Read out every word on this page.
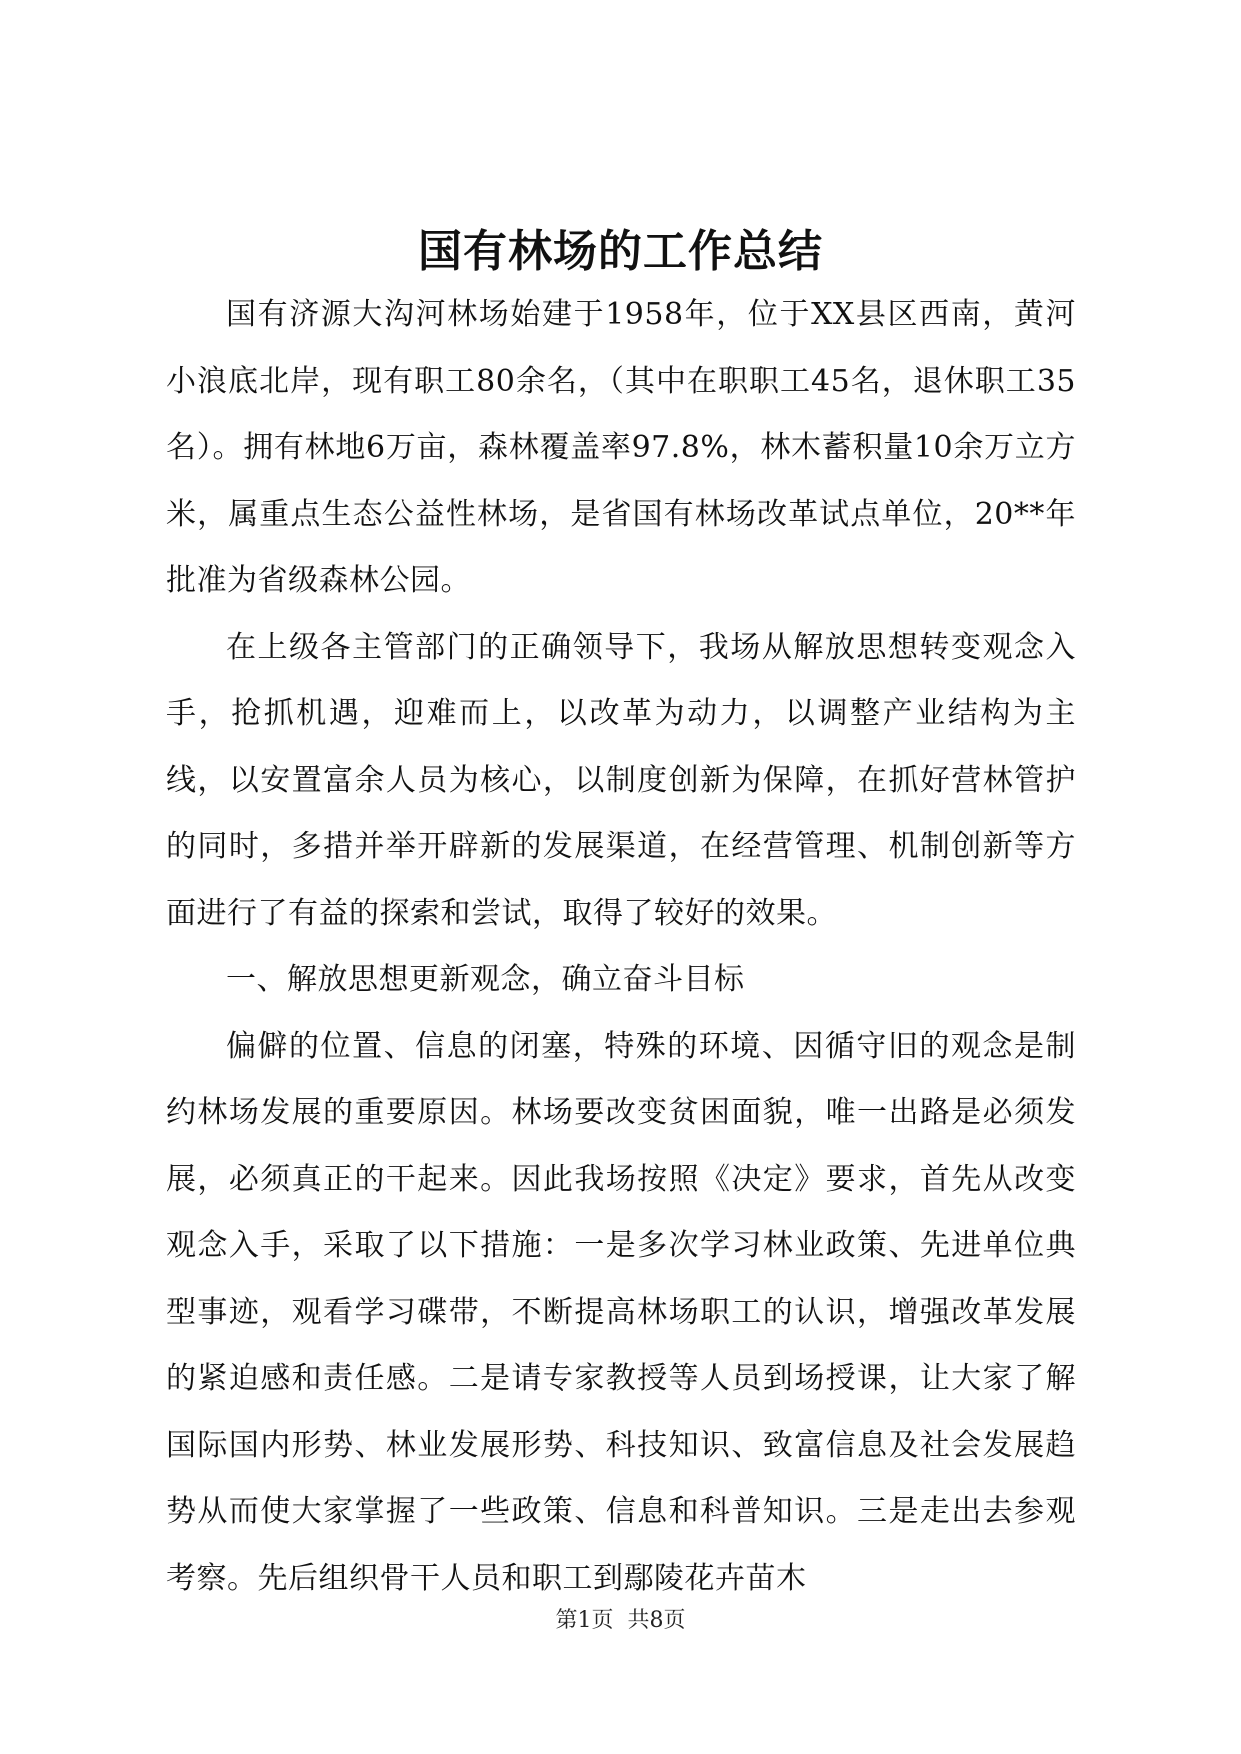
国有林场的工作总结

国有济源大沟河林场始建于1958年，位于XX县区西南，黄河小浪底北岸，现有职工80余名，（其中在职职工45名，退休职工35名）。拥有林地6万亩，森林覆盖率97.8%，林木蓄积量10余万立方米，属重点生态公益性林场，是省国有林场改革试点单位，20**年批准为省级森林公园。

在上级各主管部门的正确领导下，我场从解放思想转变观念入手，抢抓机遇，迎难而上，以改革为动力，以调整产业结构为主线，以安置富余人员为核心，以制度创新为保障，在抓好营林管护的同时，多措并举开辟新的发展渠道，在经营管理、机制创新等方面进行了有益的探索和尝试，取得了较好的效果。

一、解放思想更新观念，确立奋斗目标

偏僻的位置、信息的闭塞，特殊的环境、因循守旧的观念是制约林场发展的重要原因。林场要改变贫困面貌，唯一出路是必须发展，必须真正的干起来。因此我场按照《决定》要求，首先从改变观念入手，采取了以下措施：一是多次学习林业政策、先进单位典型事迹，观看学习碟带，不断提高林场职工的认识，增强改革发展的紧迫感和责任感。二是请专家教授等人员到场授课，让大家了解国际国内形势、林业发展形势、科技知识、致富信息及社会发展趋势从而使大家掌握了一些政策、信息和科普知识。三是走出去参观考察。先后组织骨干人员和职工到鄢陵花卉苗木

第1页 共8页
